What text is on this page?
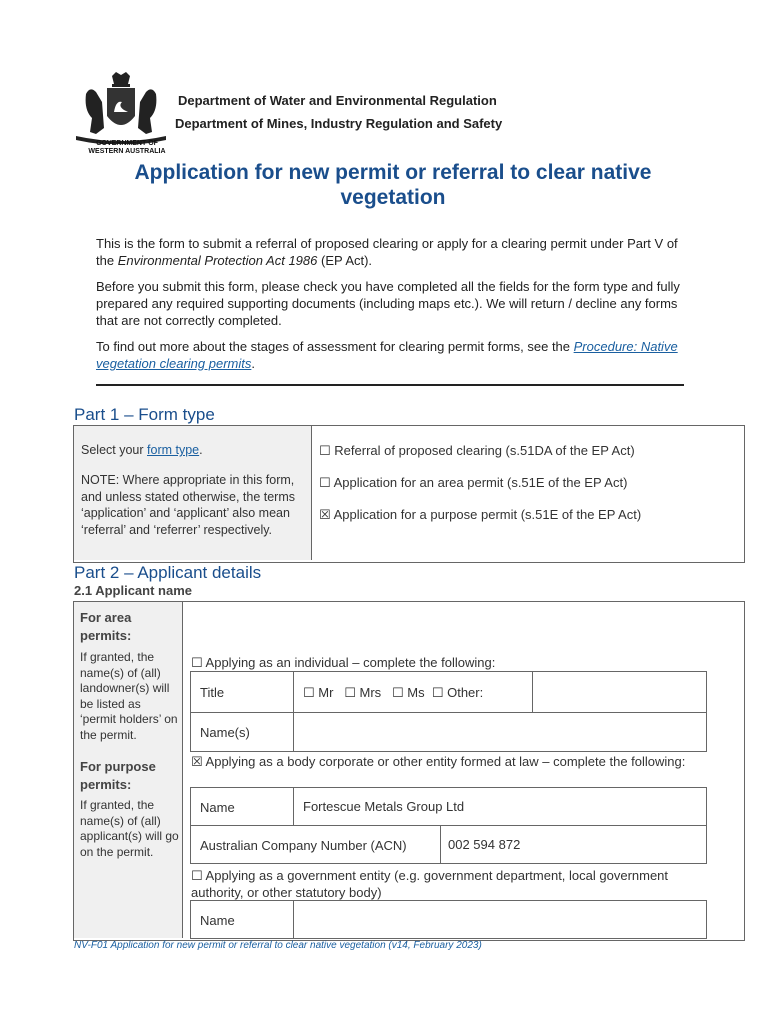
GOVERNMENT OF
WESTERN AUSTRALIA
Department of Water and Environmental Regulation
Department of Mines, Industry Regulation and Safety
Application for new permit or referral to clear native vegetation
This is the form to submit a referral of proposed clearing or apply for a clearing permit under Part V of the Environmental Protection Act 1986 (EP Act).
Before you submit this form, please check you have completed all the fields for the form type and fully prepared any required supporting documents (including maps etc.). We will return / decline any forms that are not correctly completed.
To find out more about the stages of assessment for clearing permit forms, see the Procedure: Native vegetation clearing permits.
Part 1 – Form type
Select your form type.
NOTE: Where appropriate in this form, and unless stated otherwise, the terms ‘application’ and ‘applicant’ also mean ‘referral’ and ‘referrer’ respectively.
☐ Referral of proposed clearing (s.51DA of the EP Act)
☐ Application for an area permit (s.51E of the EP Act)
☒ Application for a purpose permit (s.51E of the EP Act)
Part 2 – Applicant details
2.1 Applicant name
For area permits:
If granted, the name(s) of (all) landowner(s) will be listed as ‘permit holders’ on the permit.
For purpose permits:
If granted, the name(s) of (all) applicant(s) will go on the permit.
☐ Applying as an individual – complete the following:
Title	☐ Mr   ☐ Mrs   ☐ Ms  ☐ Other:
Name(s)
☒ Applying as a body corporate or other entity formed at law – complete the following:
Name	Fortescue Metals Group Ltd
Australian Company Number (ACN)	002 594 872
☐ Applying as a government entity (e.g. government department, local government authority, or other statutory body)
Name
NV-F01 Application for new permit or referral to clear native vegetation (v14, February 2023)
